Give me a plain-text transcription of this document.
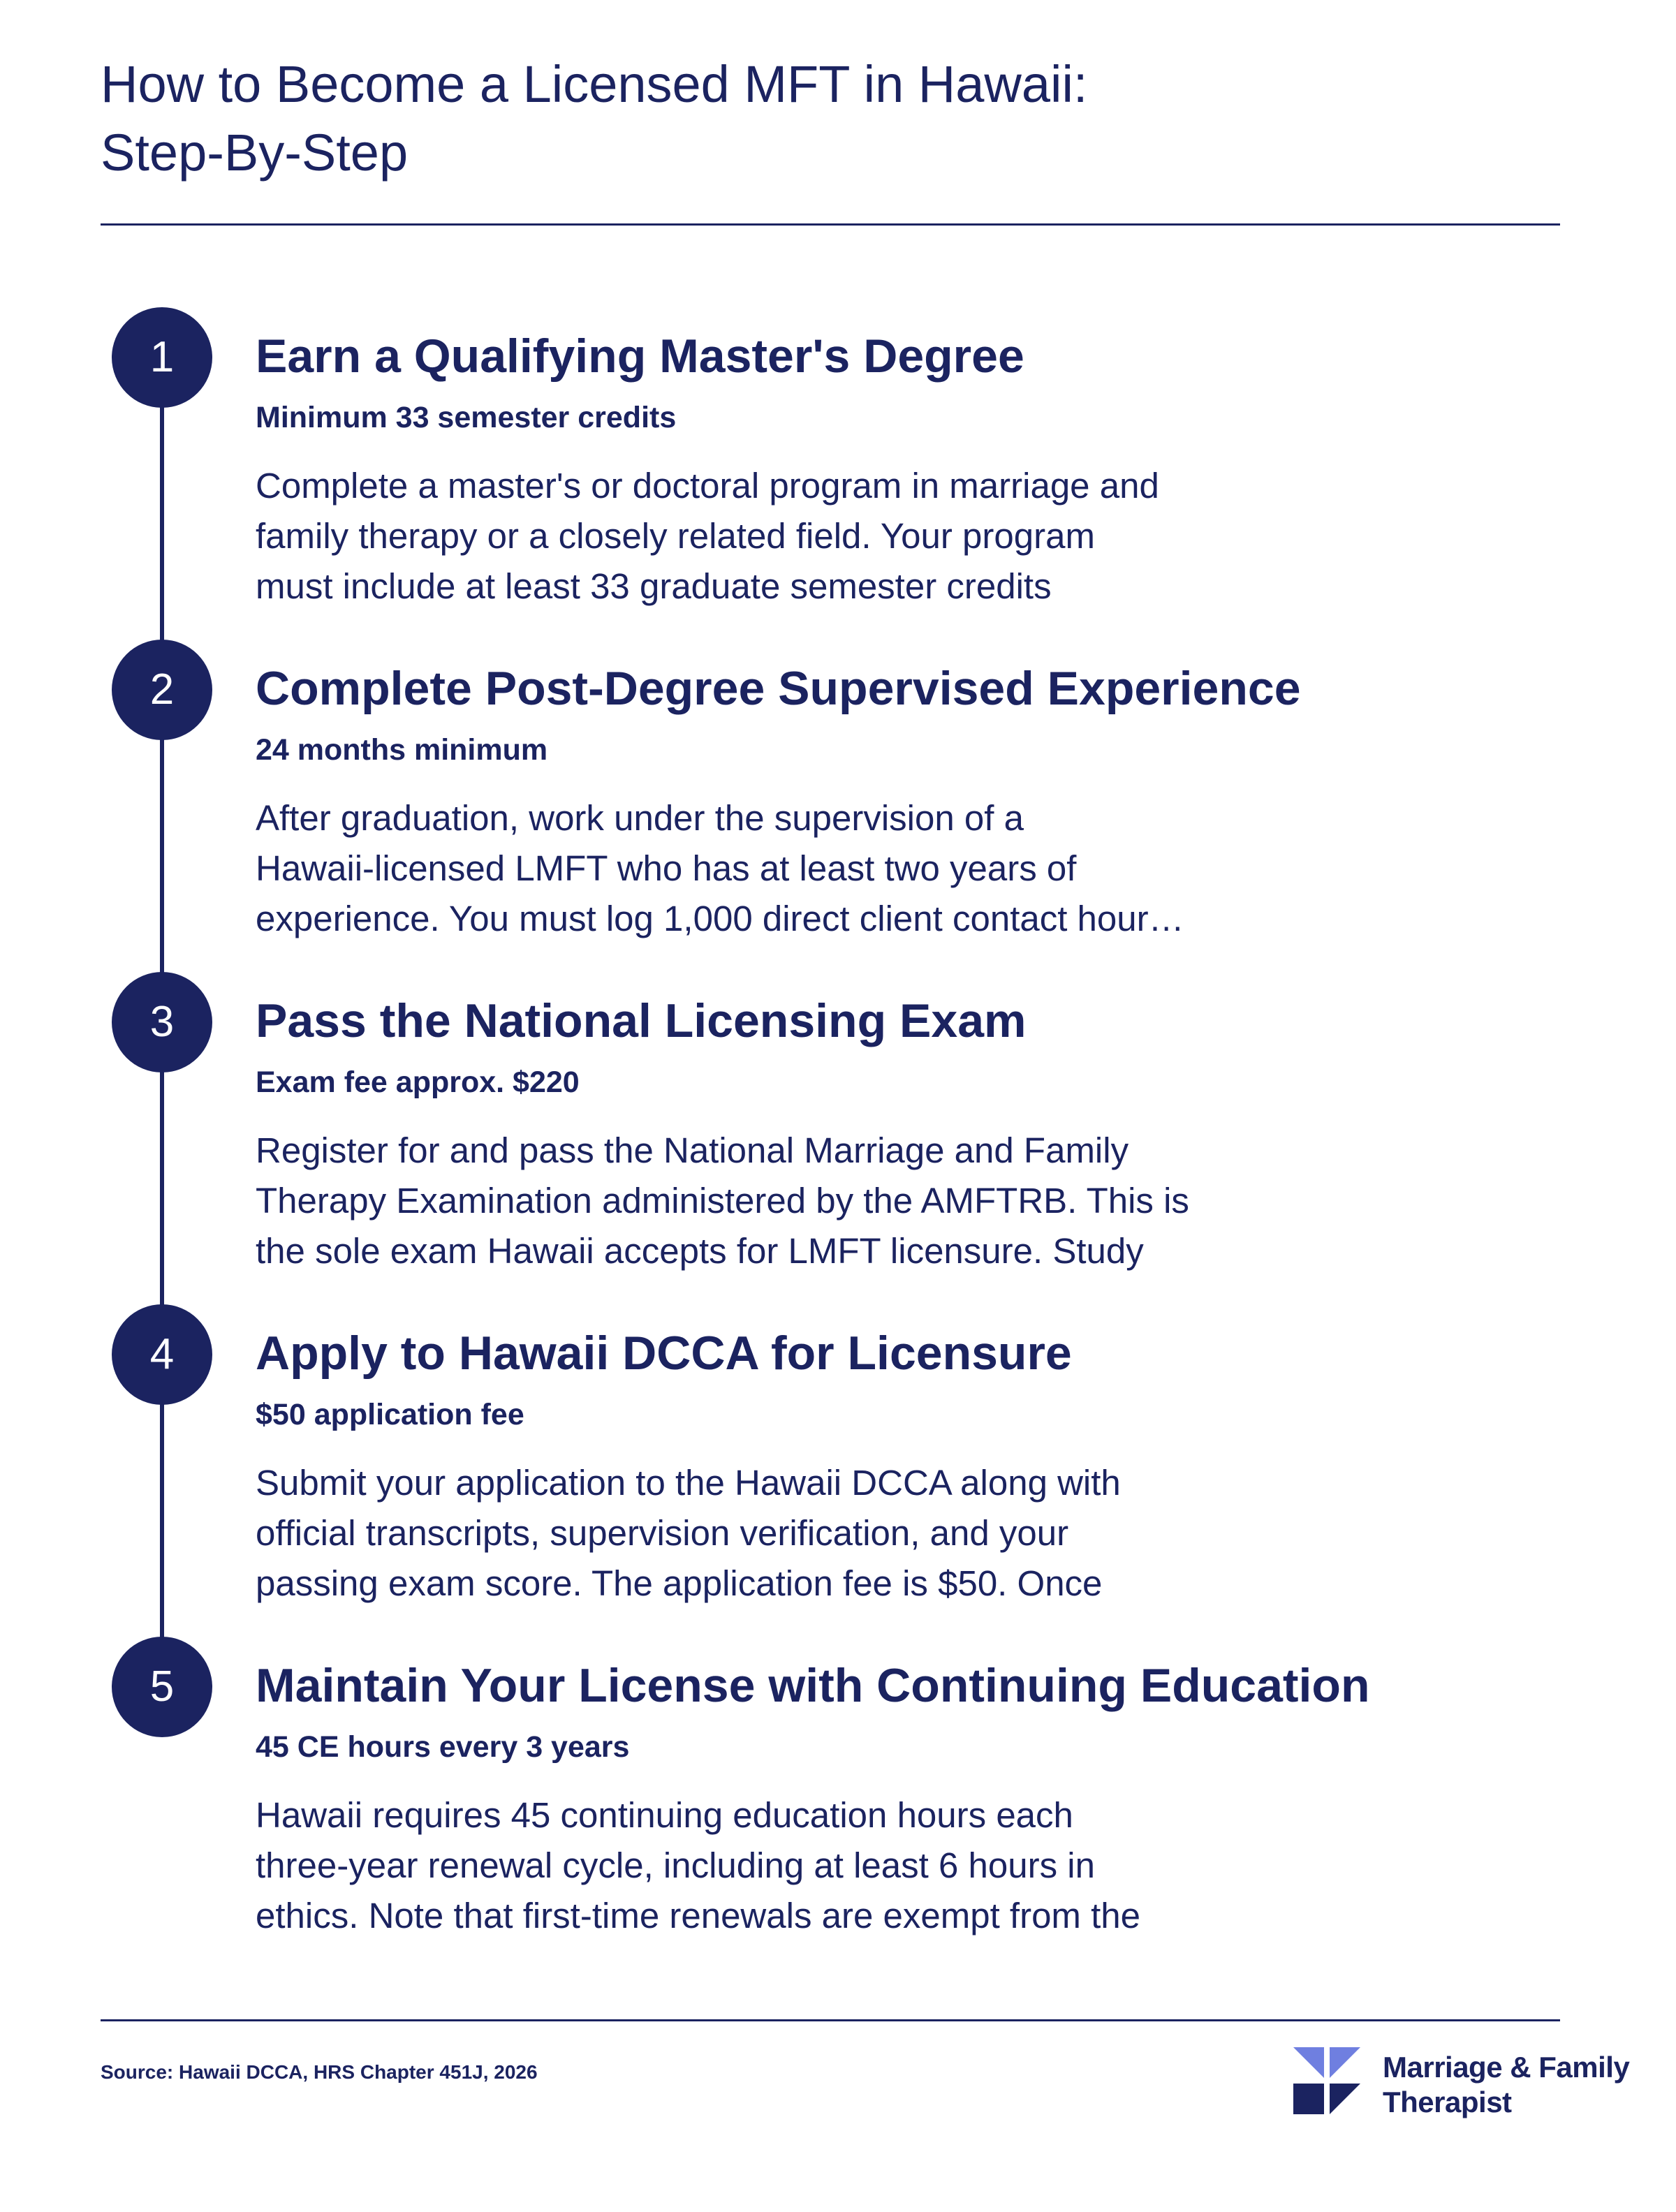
How to Become a Licensed MFT in Hawaii:
Step-By-Step
1	Earn a Qualifying Master's Degree
Minimum 33 semester credits
Complete a master's or doctoral program in marriage and
family therapy or a closely related field. Your program
must include at least 33 graduate semester credits
2	Complete Post-Degree Supervised Experience
24 months minimum
After graduation, work under the supervision of a
Hawaii-licensed LMFT who has at least two years of
experience. You must log 1,000 direct client contact hour…
3	Pass the National Licensing Exam
Exam fee approx. $220
Register for and pass the National Marriage and Family
Therapy Examination administered by the AMFTRB. This is
the sole exam Hawaii accepts for LMFT licensure. Study
4	Apply to Hawaii DCCA for Licensure
$50 application fee
Submit your application to the Hawaii DCCA along with
official transcripts, supervision verification, and your
passing exam score. The application fee is $50. Once
5	Maintain Your License with Continuing Education
45 CE hours every 3 years
Hawaii requires 45 continuing education hours each
three-year renewal cycle, including at least 6 hours in
ethics. Note that first-time renewals are exempt from the
Source: Hawaii DCCA, HRS Chapter 451J, 2026	Marriage & Family
Therapist
